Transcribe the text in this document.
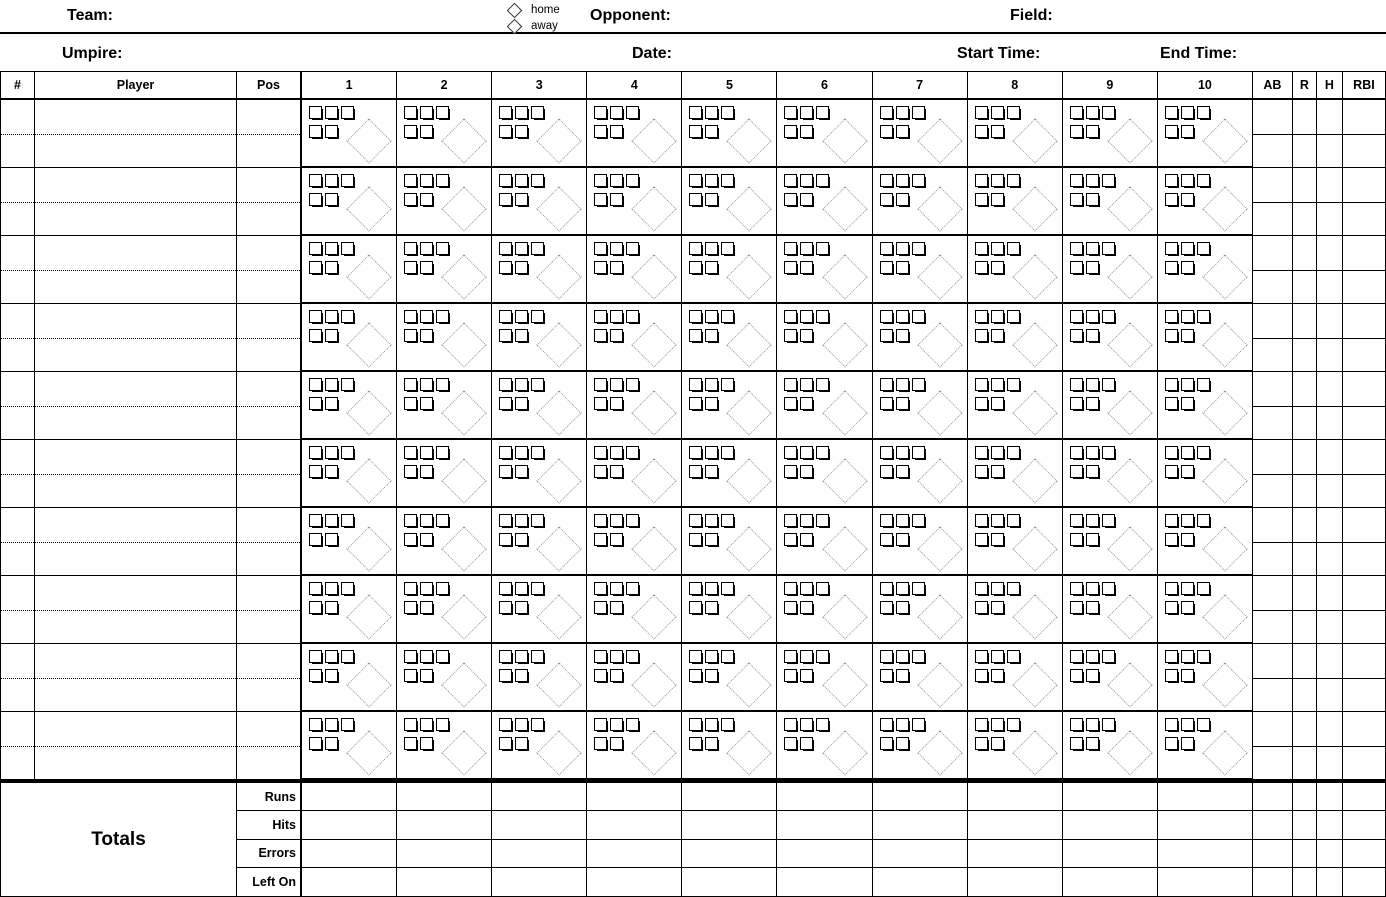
Team:	home
away
Opponent:	Field:
Umpire:	Date:	Start Time:	End Time:
#	Player	Pos	1	2	3	4	5	6	7	8	9	10	AB	R	H	RBI
Totals
Runs
Hits
Errors
Left On
